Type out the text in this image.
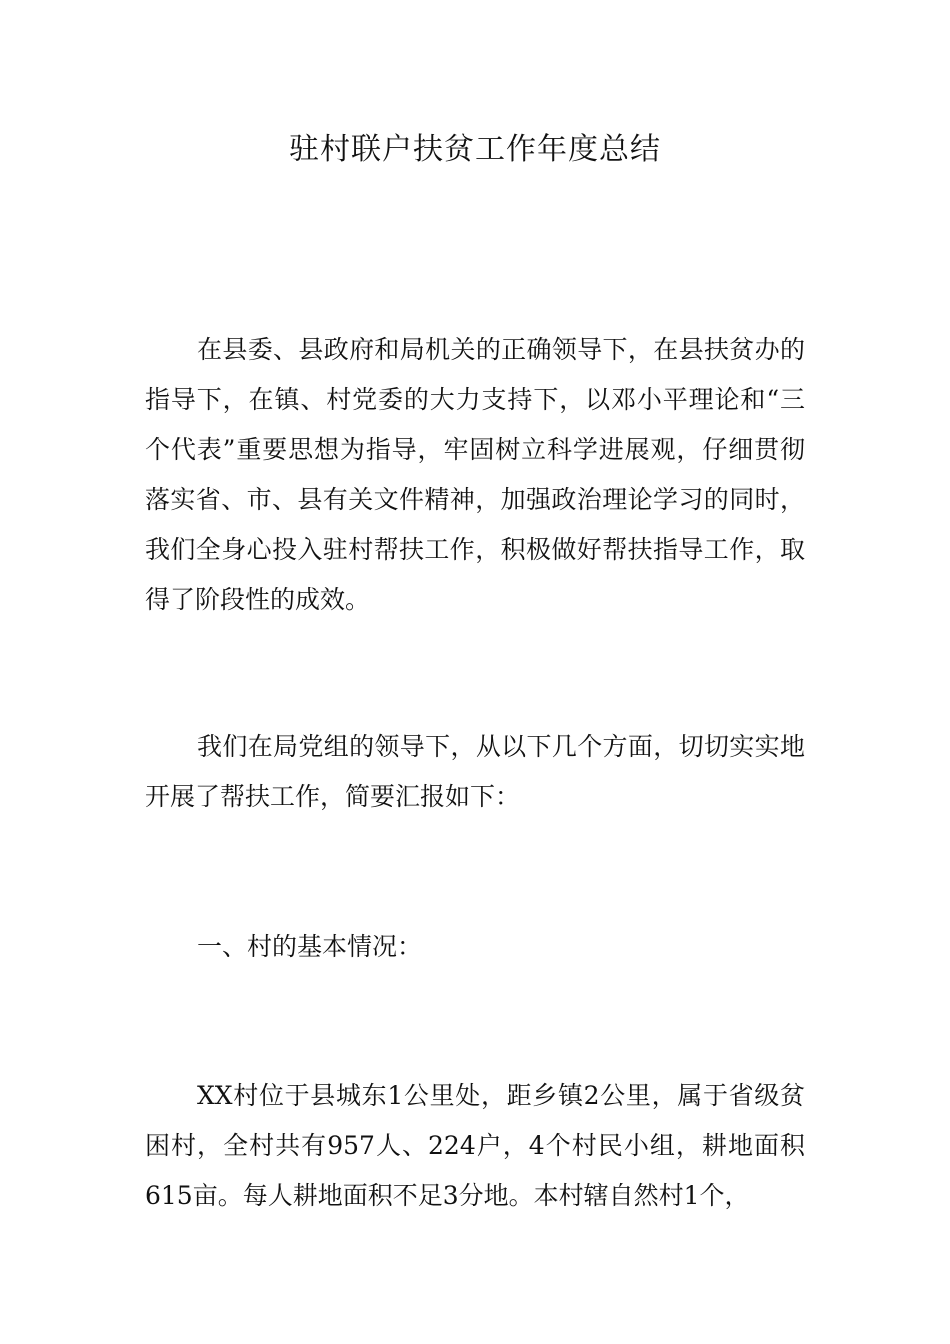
驻村联户扶贫工作年度总结

在县委、县政府和局机关的正确领导下，在县扶贫办的指导下，在镇、村党委的大力支持下，以邓小平理论和“三个代表”重要思想为指导，牢固树立科学进展观，仔细贯彻落实省、市、县有关文件精神，加强政治理论学习的同时，我们全身心投入驻村帮扶工作，积极做好帮扶指导工作，取得了阶段性的成效。

我们在局党组的领导下，从以下几个方面，切切实实地开展了帮扶工作，简要汇报如下：

一、村的基本情况：

XX村位于县城东1公里处，距乡镇2公里，属于省级贫困村，全村共有957人、224户，4个村民小组，耕地面积615亩。每人耕地面积不足3分地。本村辖自然村1个，
